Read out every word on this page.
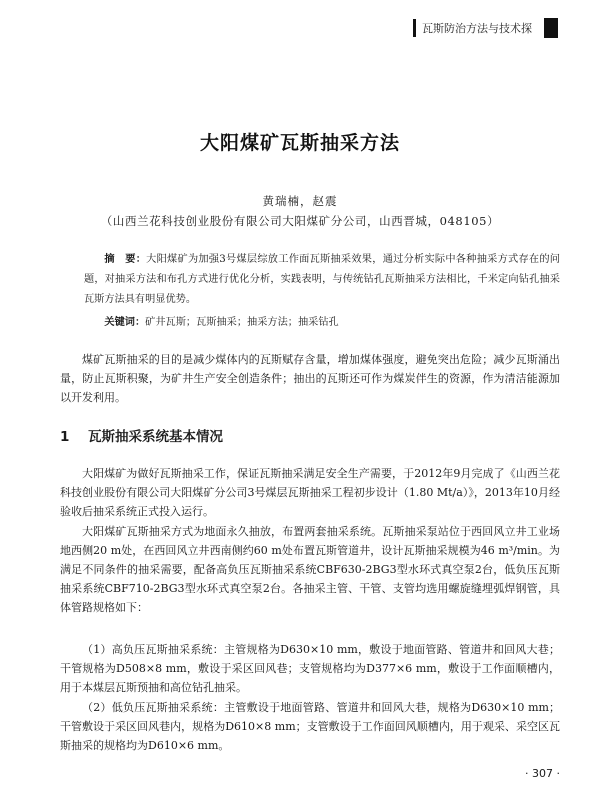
瓦斯防治方法与技术探
大阳煤矿瓦斯抽采方法
黄瑞楠，赵震
（山西兰花科技创业股份有限公司大阳煤矿分公司，山西晋城，048105）
摘　要：大阳煤矿为加强3号煤层综放工作面瓦斯抽采效果，通过分析实际中各种抽采方式存在的问题，对抽采方法和布孔方式进行优化分析，实践表明，与传统钻孔瓦斯抽采方法相比，千米定向钻孔抽采瓦斯方法具有明显优势。
关键词：矿井瓦斯；瓦斯抽采；抽采方法；抽采钻孔
煤矿瓦斯抽采的目的是减少煤体内的瓦斯赋存含量，增加煤体强度，避免突出危险；减少瓦斯涌出量，防止瓦斯积聚，为矿井生产安全创造条件；抽出的瓦斯还可作为煤炭伴生的资源，作为清洁能源加以开发利用。
1 瓦斯抽采系统基本情况
大阳煤矿为做好瓦斯抽采工作，保证瓦斯抽采满足安全生产需要，于2012年9月完成了《山西兰花科技创业股份有限公司大阳煤矿分公司3号煤层瓦斯抽采工程初步设计（1.80 Mt/a）》，2013年10月经验收后抽采系统正式投入运行。
大阳煤矿瓦斯抽采方式为地面永久抽放，布置两套抽采系统。瓦斯抽采泵站位于西回风立井工业场地西侧20 m处，在西回风立井西南侧约60 m处布置瓦斯管道井，设计瓦斯抽采规模为46 m³/min。为满足不同条件的抽采需要，配备高负压瓦斯抽采系统CBF630-2BG3型水环式真空泵2台，低负压瓦斯抽采系统CBF710-2BG3型水环式真空泵2台。各抽采主管、干管、支管均选用螺旋缝埋弧焊钢管，具体管路规格如下：
（1）高负压瓦斯抽采系统：主管规格为D630×10 mm，敷设于地面管路、管道井和回风大巷；干管规格为D508×8 mm，敷设于采区回风巷；支管规格均为D377×6 mm，敷设于工作面顺槽内，用于本煤层瓦斯预抽和高位钻孔抽采。
（2）低负压瓦斯抽采系统：主管敷设于地面管路、管道井和回风大巷，规格为D630×10 mm；干管敷设于采区回风巷内，规格为D610×8 mm；支管敷设于工作面回风顺槽内，用于观采、采空区瓦斯抽采的规格均为D610×6 mm。
· 307 ·
